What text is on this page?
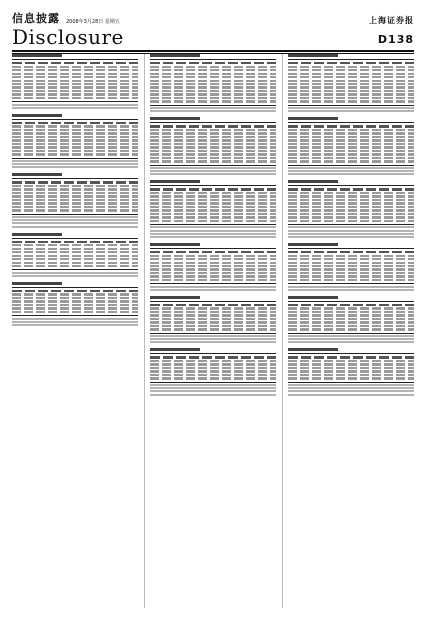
信息披露 2008年3月28日 星期五	上海证券报
Disclosure	D138
